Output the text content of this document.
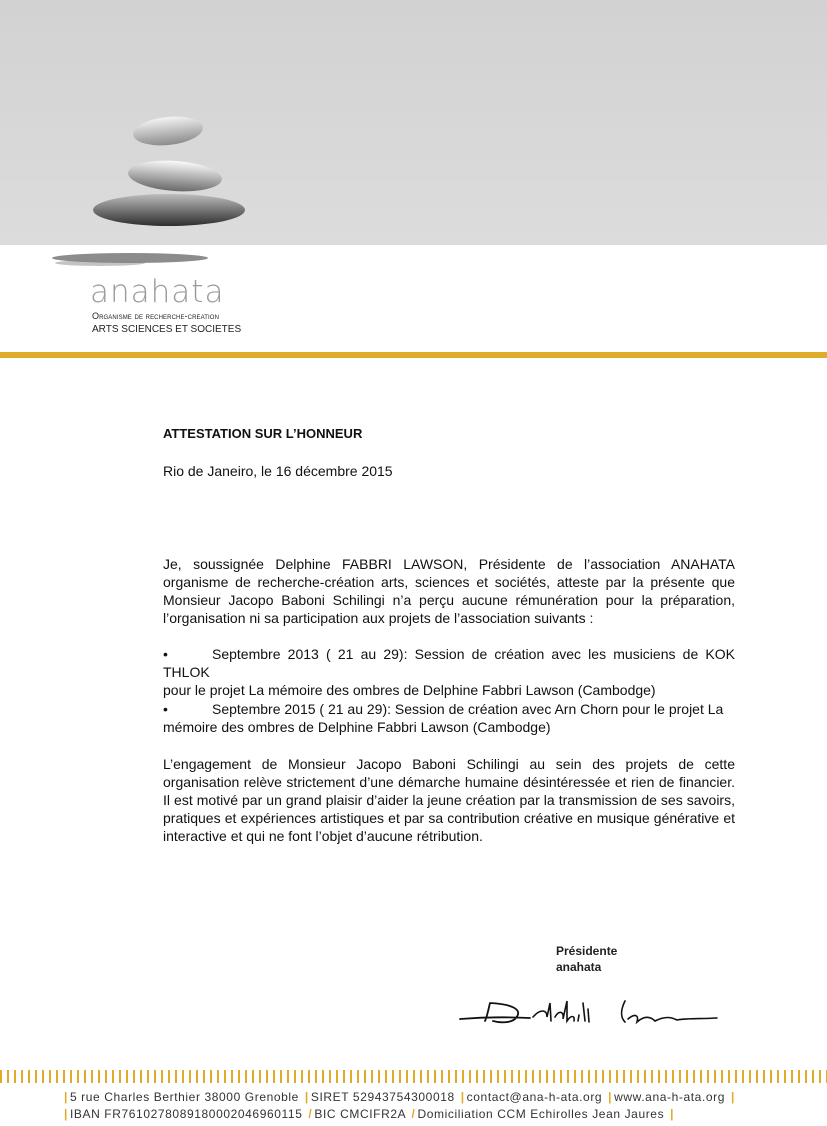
anahata
Organisme de recherche-creation
ARTS SCIENCES ET SOCIETES
ATTESTATION SUR L’HONNEUR
Rio de Janeiro, le 16 décembre 2015
Je, soussignée Delphine FABBRI LAWSON, Présidente de l’association ANAHATA organisme de recherche-création arts, sciences et sociétés, atteste par la présente que Monsieur Jacopo Baboni Schilingi n’a perçu aucune rémunération pour la préparation, l’organisation ni sa participation aux projets de l’association suivants :
•	Septembre 2013 ( 21 au 29): Session de création avec les musiciens de KOK THLOK
pour le projet La mémoire des ombres de Delphine Fabbri Lawson (Cambodge)
•	Septembre 2015 ( 21 au 29): Session de création avec Arn Chorn pour le projet La
mémoire des ombres de Delphine Fabbri Lawson (Cambodge)
L’engagement de Monsieur Jacopo Baboni Schilingi au sein des projets de cette organisation relève strictement d’une démarche humaine désintéressée et rien de financier. Il est motivé par un grand plaisir d’aider la jeune création par la transmission de ses savoirs, pratiques et expériences artistiques et par sa contribution créative en musique générative et interactive et qui ne font l’objet d’aucune rétribution.
Présidente
anahata
| 5 rue Charles Berthier 38000 Grenoble | SIRET 52943754300018 | contact@ana-h-ata.org | www.ana-h-ata.org |
| IBAN FR7610278089180002046960115 / BIC CMCIFR2A / Domiciliation CCM Echirolles Jean Jaures |
